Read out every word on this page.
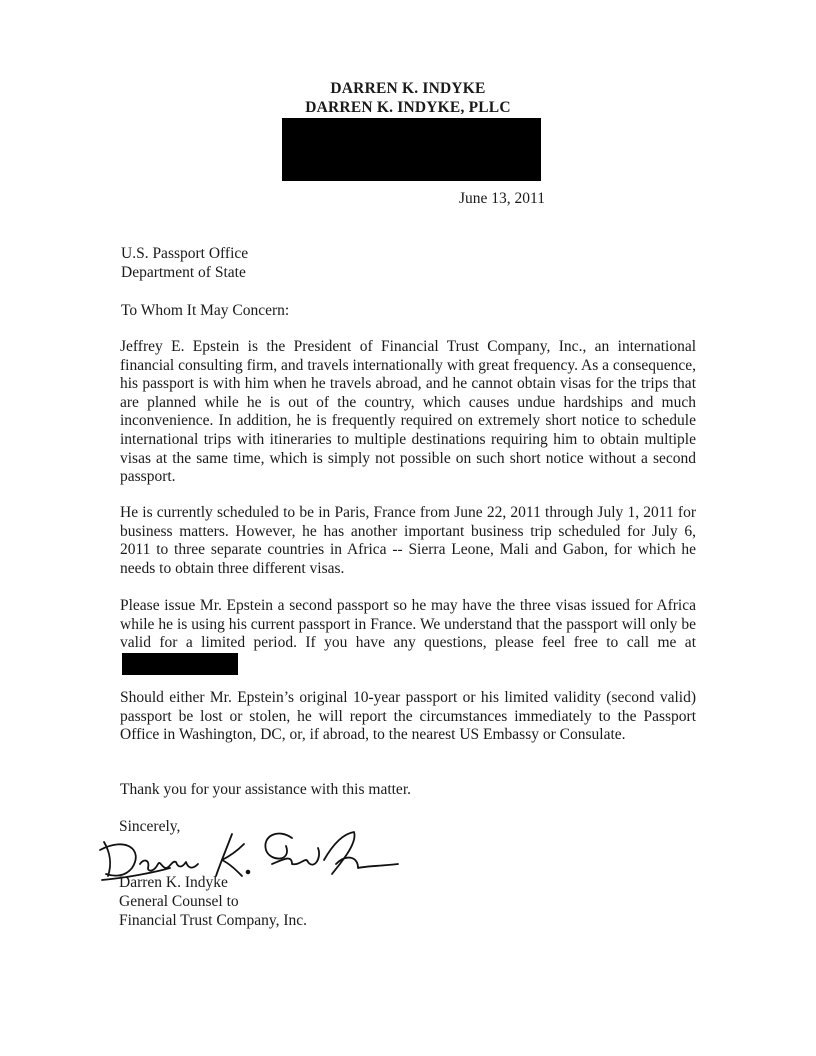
DARREN K. INDYKE
DARREN K. INDYKE, PLLC
June 13, 2011
U.S. Passport Office
Department of State
To Whom It May Concern:

Jeffrey E. Epstein is the President of Financial Trust Company, Inc., an international financial consulting firm, and travels internationally with great frequency. As a consequence, his passport is with him when he travels abroad, and he cannot obtain visas for the trips that are planned while he is out of the country, which causes undue hardships and much inconvenience. In addition, he is frequently required on extremely short notice to schedule international trips with itineraries to multiple destinations requiring him to obtain multiple visas at the same time, which is simply not possible on such short notice without a second passport.

He is currently scheduled to be in Paris, France from June 22, 2011 through July 1, 2011 for business matters. However, he has another important business trip scheduled for July 6, 2011 to three separate countries in Africa -- Sierra Leone, Mali and Gabon, for which he needs to obtain three different visas.

Please issue Mr. Epstein a second passport so he may have the three visas issued for Africa while he is using his current passport in France. We understand that the passport will only be valid for a limited period. If you have any questions, please feel free to call me at

Should either Mr. Epstein’s original 10-year passport or his limited validity (second valid) passport be lost or stolen, he will report the circumstances immediately to the Passport Office in Washington, DC, or, if abroad, to the nearest US Embassy or Consulate.

Thank you for your assistance with this matter.

Sincerely,
Darren K. Indyke
General Counsel to
Financial Trust Company, Inc.
